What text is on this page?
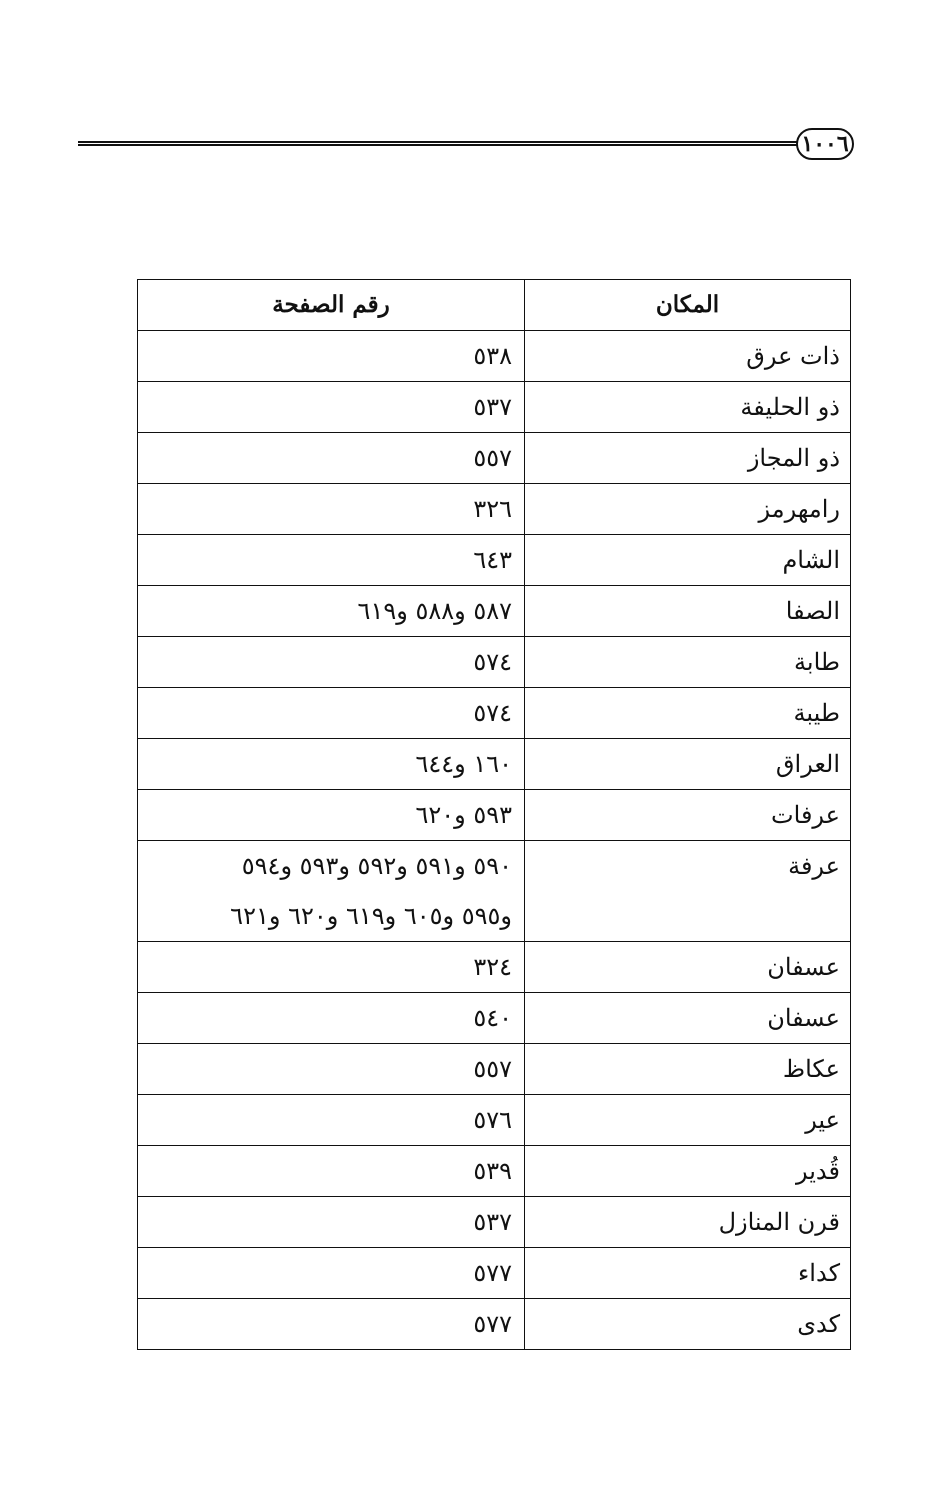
١٠٠٦
المكان	رقم الصفحة
ذات عرق	٥٣٨

ذو الحليفة	٥٣٧

ذو المجاز	٥٥٧

رامهرمز	٣٢٦

الشام	٦٤٣

الصفا	٥٨٧ و٥٨٨ و٦١٩

طابة	٥٧٤

طيبة	٥٧٤

العراق	١٦٠ و٦٤٤

عرفات	٥٩٣ و٦٢٠

عرفة	٥٩٠ و٥٩١ و٥٩٢ و٥٩٣ و٥٩٤
و٥٩٥ و٦٠٥ و٦١٩ و٦٢٠ و٦٢١

عسفان	٣٢٤

عسفان	٥٤٠

عكاظ	٥٥٧

عير	٥٧٦

قُدير	٥٣٩

قرن المنازل	٥٣٧

كداء	٥٧٧

كدى	٥٧٧
